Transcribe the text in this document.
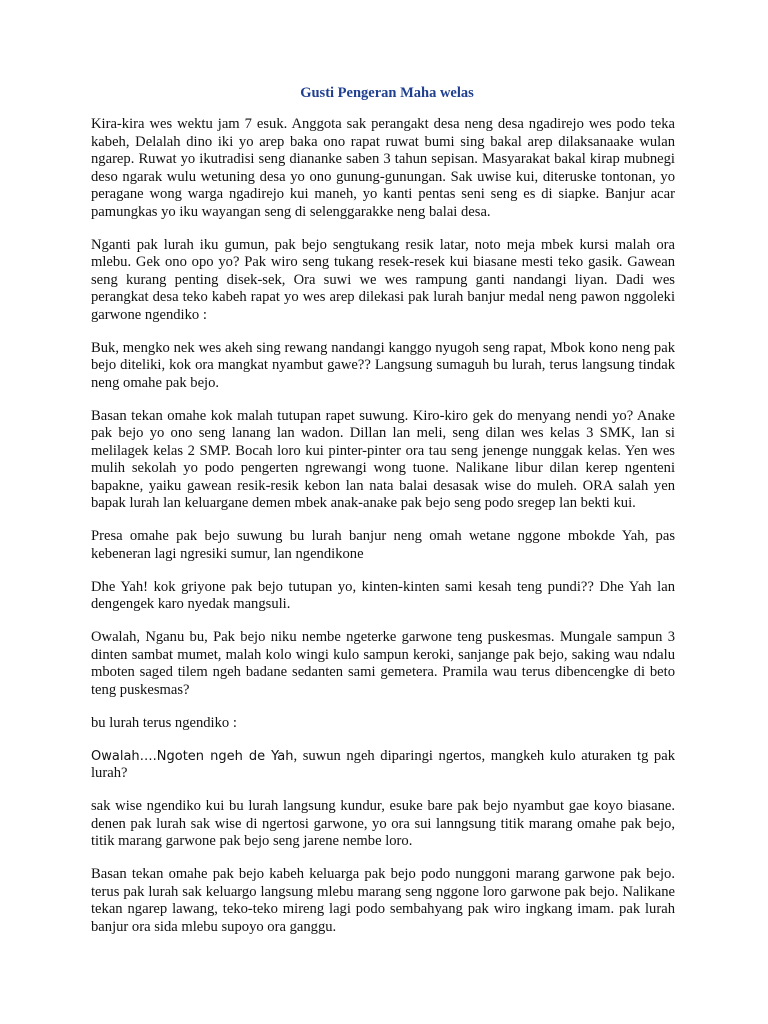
Gusti Pengeran Maha welas

Kira-kira wes wektu jam 7 esuk. Anggota sak perangakt desa neng desa ngadirejo wes podo teka kabeh, Delalah dino iki yo arep baka ono rapat ruwat bumi sing bakal arep dilaksanaake wulan ngarep. Ruwat yo ikutradisi seng dianankе saben 3 tahun sepisan. Masyarakat bakal kirap mubnegi deso ngarak wulu wetuning desa yo ono gunung-gunungan. Sak uwise kui, diteruske tontonan, yo peragane wong warga ngadirejo kui maneh, yo kanti pentas seni seng es di siapke. Banjur acar pamungkas yo iku wayangan seng di selenggarakke neng balai desa.

Nganti pak lurah iku gumun, pak bejo sengtukang resik latar, noto meja mbek kursi malah ora mlebu. Gek ono opo yo? Pak wiro seng tukang resek-resek kui biasane mesti teko gasik. Gawean seng kurang penting disek-sek, Ora suwi we wes rampung ganti nandangi liyan. Dadi wes perangkat desa teko kabeh rapat yo wes arep dilekasi pak lurah banjur medal neng pawon nggoleki garwone ngendiko :

Buk, mengko nek wes akeh sing rewang nandangi kanggo nyugoh seng rapat, Mbok kono neng pak bejo diteliki, kok ora mangkat nyambut gawe?? Langsung sumaguh bu lurah, terus langsung tindak neng omahe pak bejo.

Basan tekan omahe kok malah tutupan rapet suwung. Kiro-kiro gek do menyang nendi yo? Anake pak bejo yo ono seng lanang lan wadon. Dillan lan meli, seng dilan wes kelas 3 SMK, lan si melilagek kelas 2 SMP. Bocah loro kui pinter-pinter ora tau seng jenenge nunggak kelas. Yen wes mulih sekolah yo podo pengerten ngrewangi wong tuone. Nalikane libur dilan kerep ngenteni bapakne, yaiku gawean resik-resik kebon lan nata balai desasak wise do muleh. ORA salah yen bapak lurah lan keluargane demen mbek anak-anake pak bejo seng podo sregep lan bekti kui.

Presa omahe pak bejo suwung bu lurah banjur neng omah wetane nggone mbokde Yah, pas kebeneran lagi ngresiki sumur, lan ngendikone

Dhe Yah! kok griyone pak bejo tutupan yo, kinten-kinten sami kesah teng pundi?? Dhe Yah lan dengengek karo nyedak mangsuli.

Owalah, Nganu bu, Pak bejo niku nembe ngeterke garwone teng puskesmas. Mungale sampun 3 dinten sambat mumet, malah kolo wingi kulo sampun keroki, sanjange pak bejo, saking wau ndalu mboten saged tilem ngeh badane sedanten sami gemetera. Pramila wau terus dibencengke di beto teng puskesmas?

bu lurah terus ngendiko :

Owalah….Ngoten ngeh de Yah, suwun ngeh diparingi ngertos, mangkeh kulo aturaken tg pak lurah?

sak wise ngendiko kui bu lurah langsung kundur, esuke bare pak bejo nyambut gae koyo biasane. denen pak lurah sak wise di ngertosi garwone, yo ora sui lanngsung titik marang omahe pak bejo, titik marang garwone pak bejo seng jarene nembe loro.

Basan tekan omahe pak bejo kabeh keluarga pak bejo podo nunggoni marang garwone pak bejo. terus pak lurah sak keluargo langsung mlebu marang seng nggone loro garwone pak bejo. Nalikane tekan ngarep lawang, teko-teko mireng lagi podo sembahyang pak wiro ingkang imam. pak lurah banjur ora sida mlebu supoyo ora ganggu.
